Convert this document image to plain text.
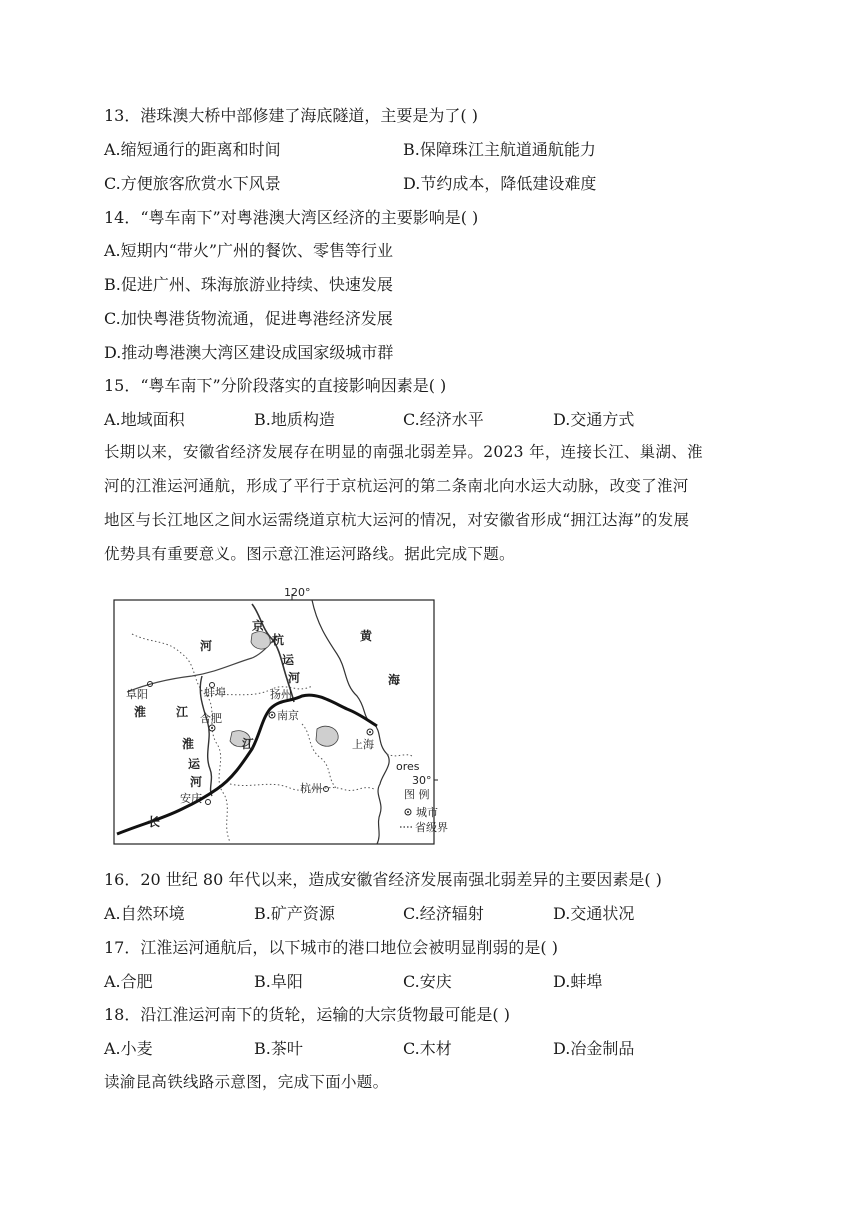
13．港珠澳大桥中部修建了海底隧道，主要是为了( )
A.缩短通行的距离和时间	B.保障珠江主航道通航能力
C.方便旅客欣赏水下风景	D.节约成本，降低建设难度
14．“粤车南下”对粤港澳大湾区经济的主要影响是( )
A.短期内“带火”广州的餐饮、零售等行业
B.促进广州、珠海旅游业持续、快速发展
C.加快粤港货物流通，促进粤港经济发展
D.推动粤港澳大湾区建设成国家级城市群
15．“粤车南下”分阶段落实的直接影响因素是( )
A.地域面积	B.地质构造	C.经济水平	D.交通方式
长期以来，安徽省经济发展存在明显的南强北弱差异。2023 年，连接长江、巢湖、淮
河的江淮运河通航，形成了平行于京杭运河的第二条南北向水运大动脉，改变了淮河
地区与长江地区之间水运需绕道京杭大运河的情况，对安徽省形成“拥江达海”的发展
优势具有重要意义。图示意江淮运河路线。据此完成下题。
120°
30°
阜阳	蚌埠
合肥
扬州
南京
上海
安庆
杭州
京
杭
运
河
河
淮 江
淮
运
河
长
江
黄
海
ores
图 例
城市
省级界
16．20 世纪 80 年代以来，造成安徽省经济发展南强北弱差异的主要因素是( )
A.自然环境	B.矿产资源	C.经济辐射	D.交通状况
17．江淮运河通航后，以下城市的港口地位会被明显削弱的是( )
A.合肥	B.阜阳	C.安庆	D.蚌埠
18．沿江淮运河南下的货轮，运输的大宗货物最可能是( )
A.小麦	B.茶叶	C.木材	D.冶金制品
读渝昆高铁线路示意图，完成下面小题。
